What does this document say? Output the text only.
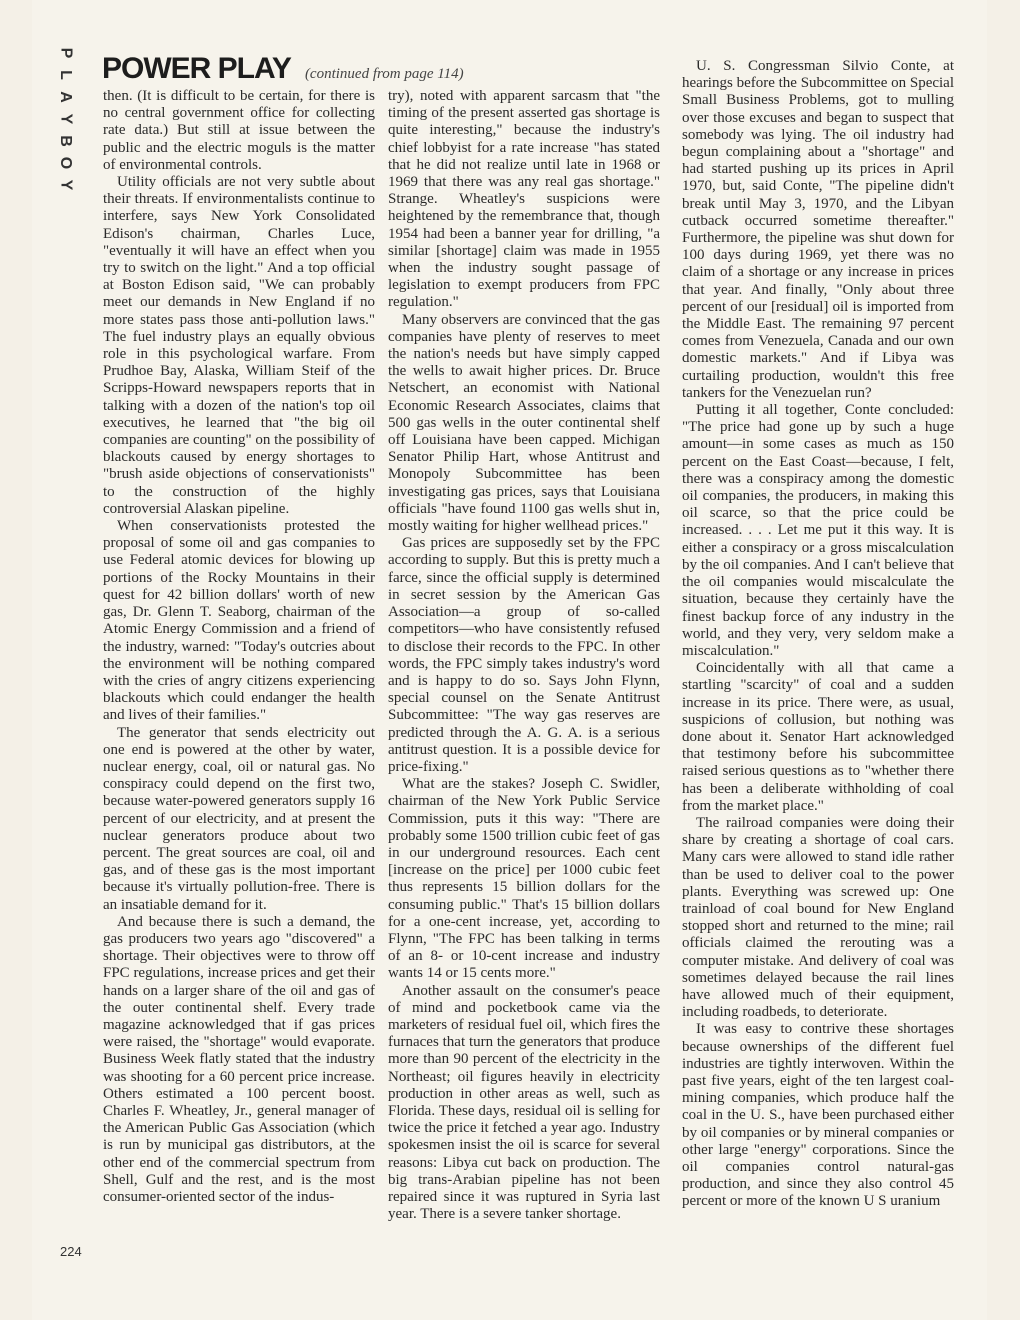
P
L
A
Y
B
O
Y
POWER PLAY (continued from page 114)

then. (It is difficult to be certain, for there is no central government office for collecting rate data.) But still at issue between the public and the electric moguls is the matter of environmental controls.

Utility officials are not very subtle about their threats. If environmentalists continue to interfere, says New York Consolidated Edison's chairman, Charles Luce, "eventually it will have an effect when you try to switch on the light." And a top official at Boston Edison said, "We can probably meet our demands in New England if no more states pass those anti-pollution laws." The fuel industry plays an equally obvious role in this psychological warfare. From Prudhoe Bay, Alaska, William Steif of the Scripps-Howard newspapers reports that in talking with a dozen of the nation's top oil executives, he learned that "the big oil companies are counting" on the possibility of blackouts caused by energy shortages to "brush aside objections of conservationists" to the construction of the highly controversial Alaskan pipeline.

When conservationists protested the proposal of some oil and gas companies to use Federal atomic devices for blowing up portions of the Rocky Mountains in their quest for 42 billion dollars' worth of new gas, Dr. Glenn T. Seaborg, chairman of the Atomic Energy Commission and a friend of the industry, warned: "Today's outcries about the environment will be nothing compared with the cries of angry citizens experiencing blackouts which could endanger the health and lives of their families."

The generator that sends electricity out one end is powered at the other by water, nuclear energy, coal, oil or natural gas. No conspiracy could depend on the first two, because water-powered generators supply 16 percent of our electricity, and at present the nuclear generators produce about two percent. The great sources are coal, oil and gas, and of these gas is the most important because it's virtually pollution-free. There is an insatiable demand for it.

And because there is such a demand, the gas producers two years ago "discovered" a shortage. Their objectives were to throw off FPC regulations, increase prices and get their hands on a larger share of the oil and gas of the outer continental shelf. Every trade magazine acknowledged that if gas prices were raised, the "shortage" would evaporate. Business Week flatly stated that the industry was shooting for a 60 percent price increase. Others estimated a 100 percent boost. Charles F. Wheatley, Jr., general manager of the American Public Gas Association (which is run by municipal gas distributors, at the other end of the commercial spectrum from Shell, Gulf and the rest, and is the most consumer-oriented sector of the indus-

try), noted with apparent sarcasm that "the timing of the present asserted gas shortage is quite interesting," because the industry's chief lobbyist for a rate increase "has stated that he did not realize until late in 1968 or 1969 that there was any real gas shortage." Strange. Wheatley's suspicions were heightened by the remembrance that, though 1954 had been a banner year for drilling, "a similar [shortage] claim was made in 1955 when the industry sought passage of legislation to exempt producers from FPC regulation."

Many observers are convinced that the gas companies have plenty of reserves to meet the nation's needs but have simply capped the wells to await higher prices. Dr. Bruce Netschert, an economist with National Economic Research Associates, claims that 500 gas wells in the outer continental shelf off Louisiana have been capped. Michigan Senator Philip Hart, whose Antitrust and Monopoly Subcommittee has been investigating gas prices, says that Louisiana officials "have found 1100 gas wells shut in, mostly waiting for higher wellhead prices."

Gas prices are supposedly set by the FPC according to supply. But this is pretty much a farce, since the official supply is determined in secret session by the American Gas Association—a group of so-called competitors—who have consistently refused to disclose their records to the FPC. In other words, the FPC simply takes industry's word and is happy to do so. Says John Flynn, special counsel on the Senate Antitrust Subcommittee: "The way gas reserves are predicted through the A. G. A. is a serious antitrust question. It is a possible device for price-fixing."

What are the stakes? Joseph C. Swidler, chairman of the New York Public Service Commission, puts it this way: "There are probably some 1500 trillion cubic feet of gas in our underground resources. Each cent [increase on the price] per 1000 cubic feet thus represents 15 billion dollars for the consuming public." That's 15 billion dollars for a one-cent increase, yet, according to Flynn, "The FPC has been talking in terms of an 8- or 10-cent increase and industry wants 14 or 15 cents more."

Another assault on the consumer's peace of mind and pocketbook came via the marketers of residual fuel oil, which fires the furnaces that turn the generators that produce more than 90 percent of the electricity in the Northeast; oil figures heavily in electricity production in other areas as well, such as Florida. These days, residual oil is selling for twice the price it fetched a year ago. Industry spokesmen insist the oil is scarce for several reasons: Libya cut back on production. The big trans-Arabian pipeline has not been repaired since it was ruptured in Syria last year. There is a severe tanker shortage.

U. S. Congressman Silvio Conte, at hearings before the Subcommittee on Special Small Business Problems, got to mulling over those excuses and began to suspect that somebody was lying. The oil industry had begun complaining about a "shortage" and had started pushing up its prices in April 1970, but, said Conte, "The pipeline didn't break until May 3, 1970, and the Libyan cutback occurred sometime thereafter." Furthermore, the pipeline was shut down for 100 days during 1969, yet there was no claim of a shortage or any increase in prices that year. And finally, "Only about three percent of our [residual] oil is imported from the Middle East. The remaining 97 percent comes from Venezuela, Canada and our own domestic markets." And if Libya was curtailing production, wouldn't this free tankers for the Venezuelan run?

Putting it all together, Conte concluded: "The price had gone up by such a huge amount—in some cases as much as 150 percent on the East Coast—because, I felt, there was a conspiracy among the domestic oil companies, the producers, in making this oil scarce, so that the price could be increased. . . . Let me put it this way. It is either a conspiracy or a gross miscalculation by the oil companies. And I can't believe that the oil companies would miscalculate the situation, because they certainly have the finest backup force of any industry in the world, and they very, very seldom make a miscalculation."

Coincidentally with all that came a startling "scarcity" of coal and a sudden increase in its price. There were, as usual, suspicions of collusion, but nothing was done about it. Senator Hart acknowledged that testimony before his subcommittee raised serious questions as to "whether there has been a deliberate withholding of coal from the market place."

The railroad companies were doing their share by creating a shortage of coal cars. Many cars were allowed to stand idle rather than be used to deliver coal to the power plants. Everything was screwed up: One trainload of coal bound for New England stopped short and returned to the mine; rail officials claimed the rerouting was a computer mistake. And delivery of coal was sometimes delayed because the rail lines have allowed much of their equipment, including roadbeds, to deteriorate.

It was easy to contrive these shortages because ownerships of the different fuel industries are tightly interwoven. Within the past five years, eight of the ten largest coal-mining companies, which produce half the coal in the U. S., have been purchased either by oil companies or by mineral companies or other large "energy" corporations. Since the oil companies control natural-gas production, and since they also control 45 percent or more of the known U S uranium

224
